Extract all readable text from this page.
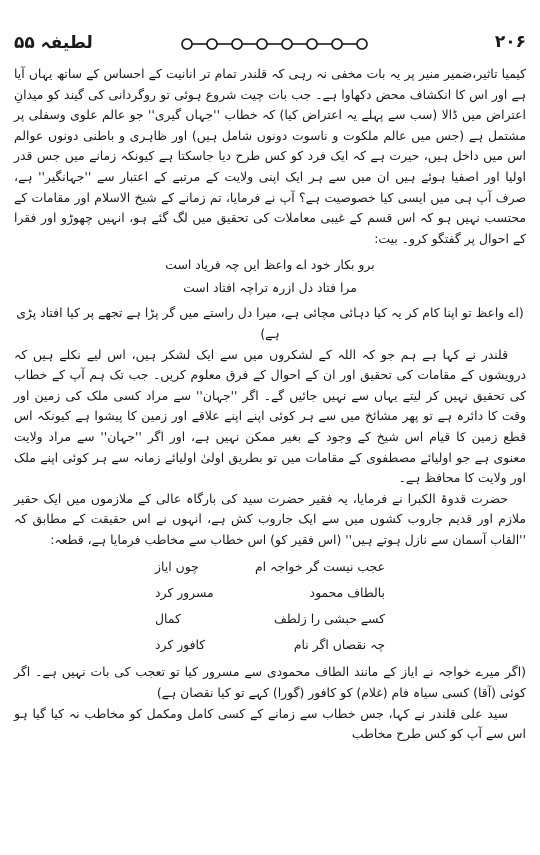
لطیفہ ۵۵	۲۰۶

کیمیا تاثیر،ضمیر منیر پر یہ بات مخفی نہ رہی کہ قلندر تمام تر انانیت کے احساس کے ساتھ یہاں آیا ہے اور اس کا انکشاف محض دکھاوا ہے۔ جب بات چیت شروع ہوئی تو روگردانی کی گیند کو میدانِ اعتراض میں ڈالا (سب سے پہلے یہ اعتراض کیا) کہ خطاب ''جہاں گیری'' جو عالم علوی وسفلی پر مشتمل ہے (جس میں عالم ملکوت و ناسوت دونوں شامل ہیں) اور ظاہری و باطنی دونوں عوالم اس میں داخل ہیں، حیرت ہے کہ ایک فرد کو کس طرح دیا جاسکتا ہے کیونکہ زمانے میں جس قدر اولیا اور اصفیا ہوئے ہیں ان میں سے ہر ایک اپنی ولایت کے مرتبے کے اعتبار سے ''جہانگیر'' ہے، صرف آپ ہی میں ایسی کیا خصوصیت ہے؟ آپ نے فرمایا، تم زمانے کے شیخ الاسلام اور مقامات کے محتسب نہیں ہو کہ اس قسم کے غیبی معاملات کی تحقیق میں لگ گئے ہو، انہیں چھوڑو اور فقرا کے احوال پر گفتگو کرو۔ بیت:

برو بکار خود اے واعظ ایں چہ فریاد است
مرا فتاد دل ازرہ تراچہ افتاد است

(اے واعظ تو اپنا کام کر یہ کیا دہائی مچائی ہے، میرا دل راستے میں گر پڑا ہے تجھے پر کیا افتاد پڑی ہے)

قلندر نے کہا ہے ہم جو کہ اللہ کے لشکروں میں سے ایک لشکر ہیں، اس لیے نکلے ہیں کہ درویشوں کے مقامات کی تحقیق اور ان کے احوال کے فرق معلوم کریں۔ جب تک ہم آپ کے خطاب کی تحقیق نہیں کر لیتے یہاں سے نہیں جائیں گے۔ اگر ''جہان'' سے مراد کسی ملک کی زمین اور وقت کا دائرہ ہے تو پھر مشائخ میں سے ہر کوئی اپنے اپنے علاقے اور زمین کا پیشوا ہے کیونکہ اس قطع زمین کا قیام اس شیخ کے وجود کے بغیر ممکن نہیں ہے، اور اگر ''جہان'' سے مراد ولایت معنوی ہے جو اولیائے مصطفوی کے مقامات میں تو بطریق اولیٰ اولیائے زمانہ سے ہر کوئی اپنے ملک اور ولایت کا محافظ ہے۔

حضرت قدوۃ الکبرا نے فرمایا، یہ فقیر حضرت سید کی بارگاہ عالی کے ملازموں میں ایک حقیر ملازم اور قدیم جاروب کشوں میں سے ایک جاروب کش ہے، انہوں نے اس حقیقت کے مطابق کہ ''القاب آسمان سے نازل ہوتے ہیں'' (اس فقیر کو) اس خطاب سے مخاطب فرمایا ہے، قطعہ:

عجب نیست گر خواجہ ام
چوں ایاز
بالطاف محمود
مسرور کرد
کسے حبشی را زلطف
کمال
چہ نقصاں اگر نام
کافور کرد

(اگر میرے خواجہ نے ایاز کے مانند الطاف محمودی سے مسرور کیا تو تعجب کی بات نہیں ہے۔ اگر کوئی (آقا) کسی سیاہ فام (غلام) کو کافور (گورا) کہے تو کیا نقصان ہے)

سید علی قلندر نے کہا، جس خطاب سے زمانے کے کسی کامل ومکمل کو مخاطب نہ کیا گیا ہو اس سے آپ کو کس طرح مخاطب
